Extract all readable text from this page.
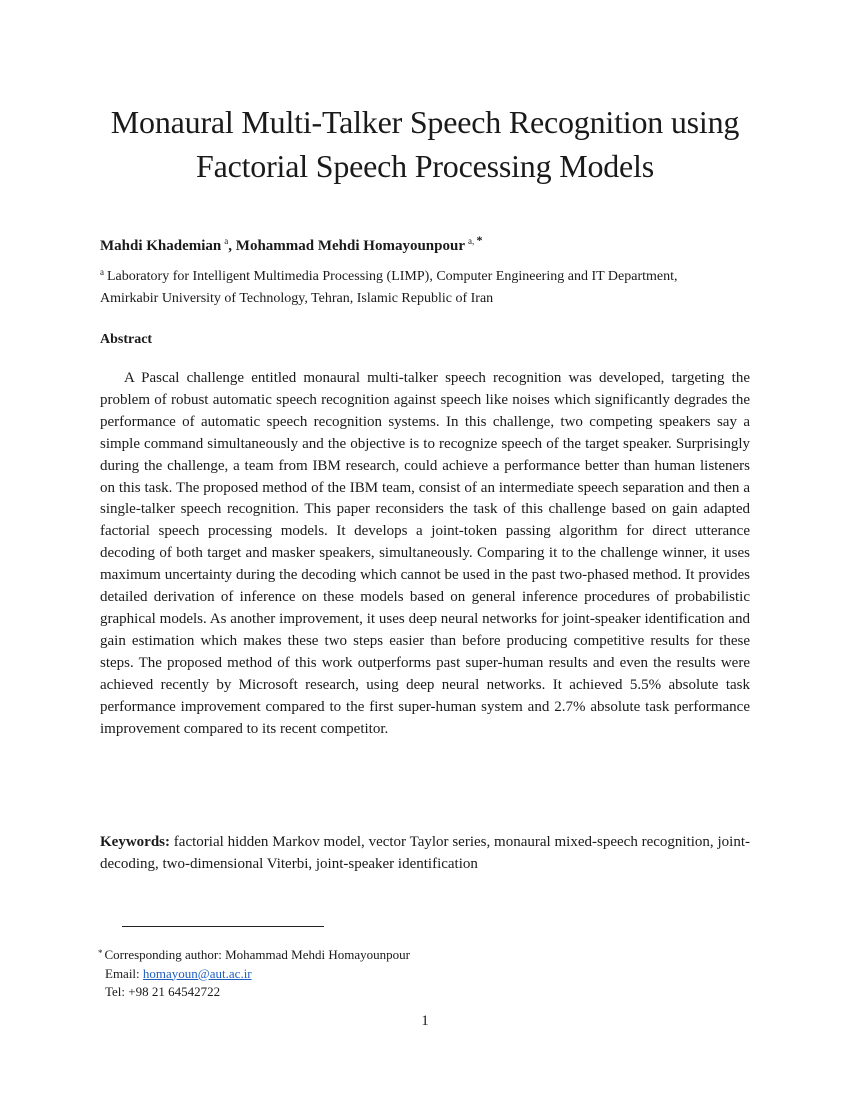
Monaural Multi-Talker Speech Recognition using
Factorial Speech Processing Models
Mahdi Khademian $^a$, Mohammad Mehdi Homayounpour $^{a, *}$
$^a$ Laboratory for Intelligent Multimedia Processing (LIMP), Computer Engineering and IT Department,
Amirkabir University of Technology, Tehran, Islamic Republic of Iran
Abstract

A Pascal challenge entitled monaural multi-talker speech recognition was developed, targeting the problem of robust automatic speech recognition against speech like noises which significantly degrades the performance of automatic speech recognition systems. In this challenge, two competing speakers say a simple command simultaneously and the objective is to recognize speech of the target speaker. Surprisingly during the challenge, a team from IBM research, could achieve a performance better than human listeners on this task. The proposed method of the IBM team, consist of an intermediate speech separation and then a single-talker speech recognition. This paper reconsiders the task of this challenge based on gain adapted factorial speech processing models. It develops a joint-token passing algorithm for direct utterance decoding of both target and masker speakers, simultaneously. Comparing it to the challenge winner, it uses maximum uncertainty during the decoding which cannot be used in the past two-phased method. It provides detailed derivation of inference on these models based on general inference procedures of probabilistic graphical models. As another improvement, it uses deep neural networks for joint-speaker identification and gain estimation which makes these two steps easier than before producing competitive results for these steps. The proposed method of this work outperforms past super-human results and even the results were achieved recently by Microsoft research, using deep neural networks. It achieved 5.5% absolute task performance improvement compared to the first super-human system and 2.7% absolute task performance improvement compared to its recent competitor.

Keywords: factorial hidden Markov model, vector Taylor series, monaural mixed-speech recognition, joint-decoding, two-dimensional Viterbi, joint-speaker identification
* Corresponding author: Mohammad Mehdi Homayounpour
Email: homayoun@aut.ac.ir
Tel: +98 21 64542722
1
